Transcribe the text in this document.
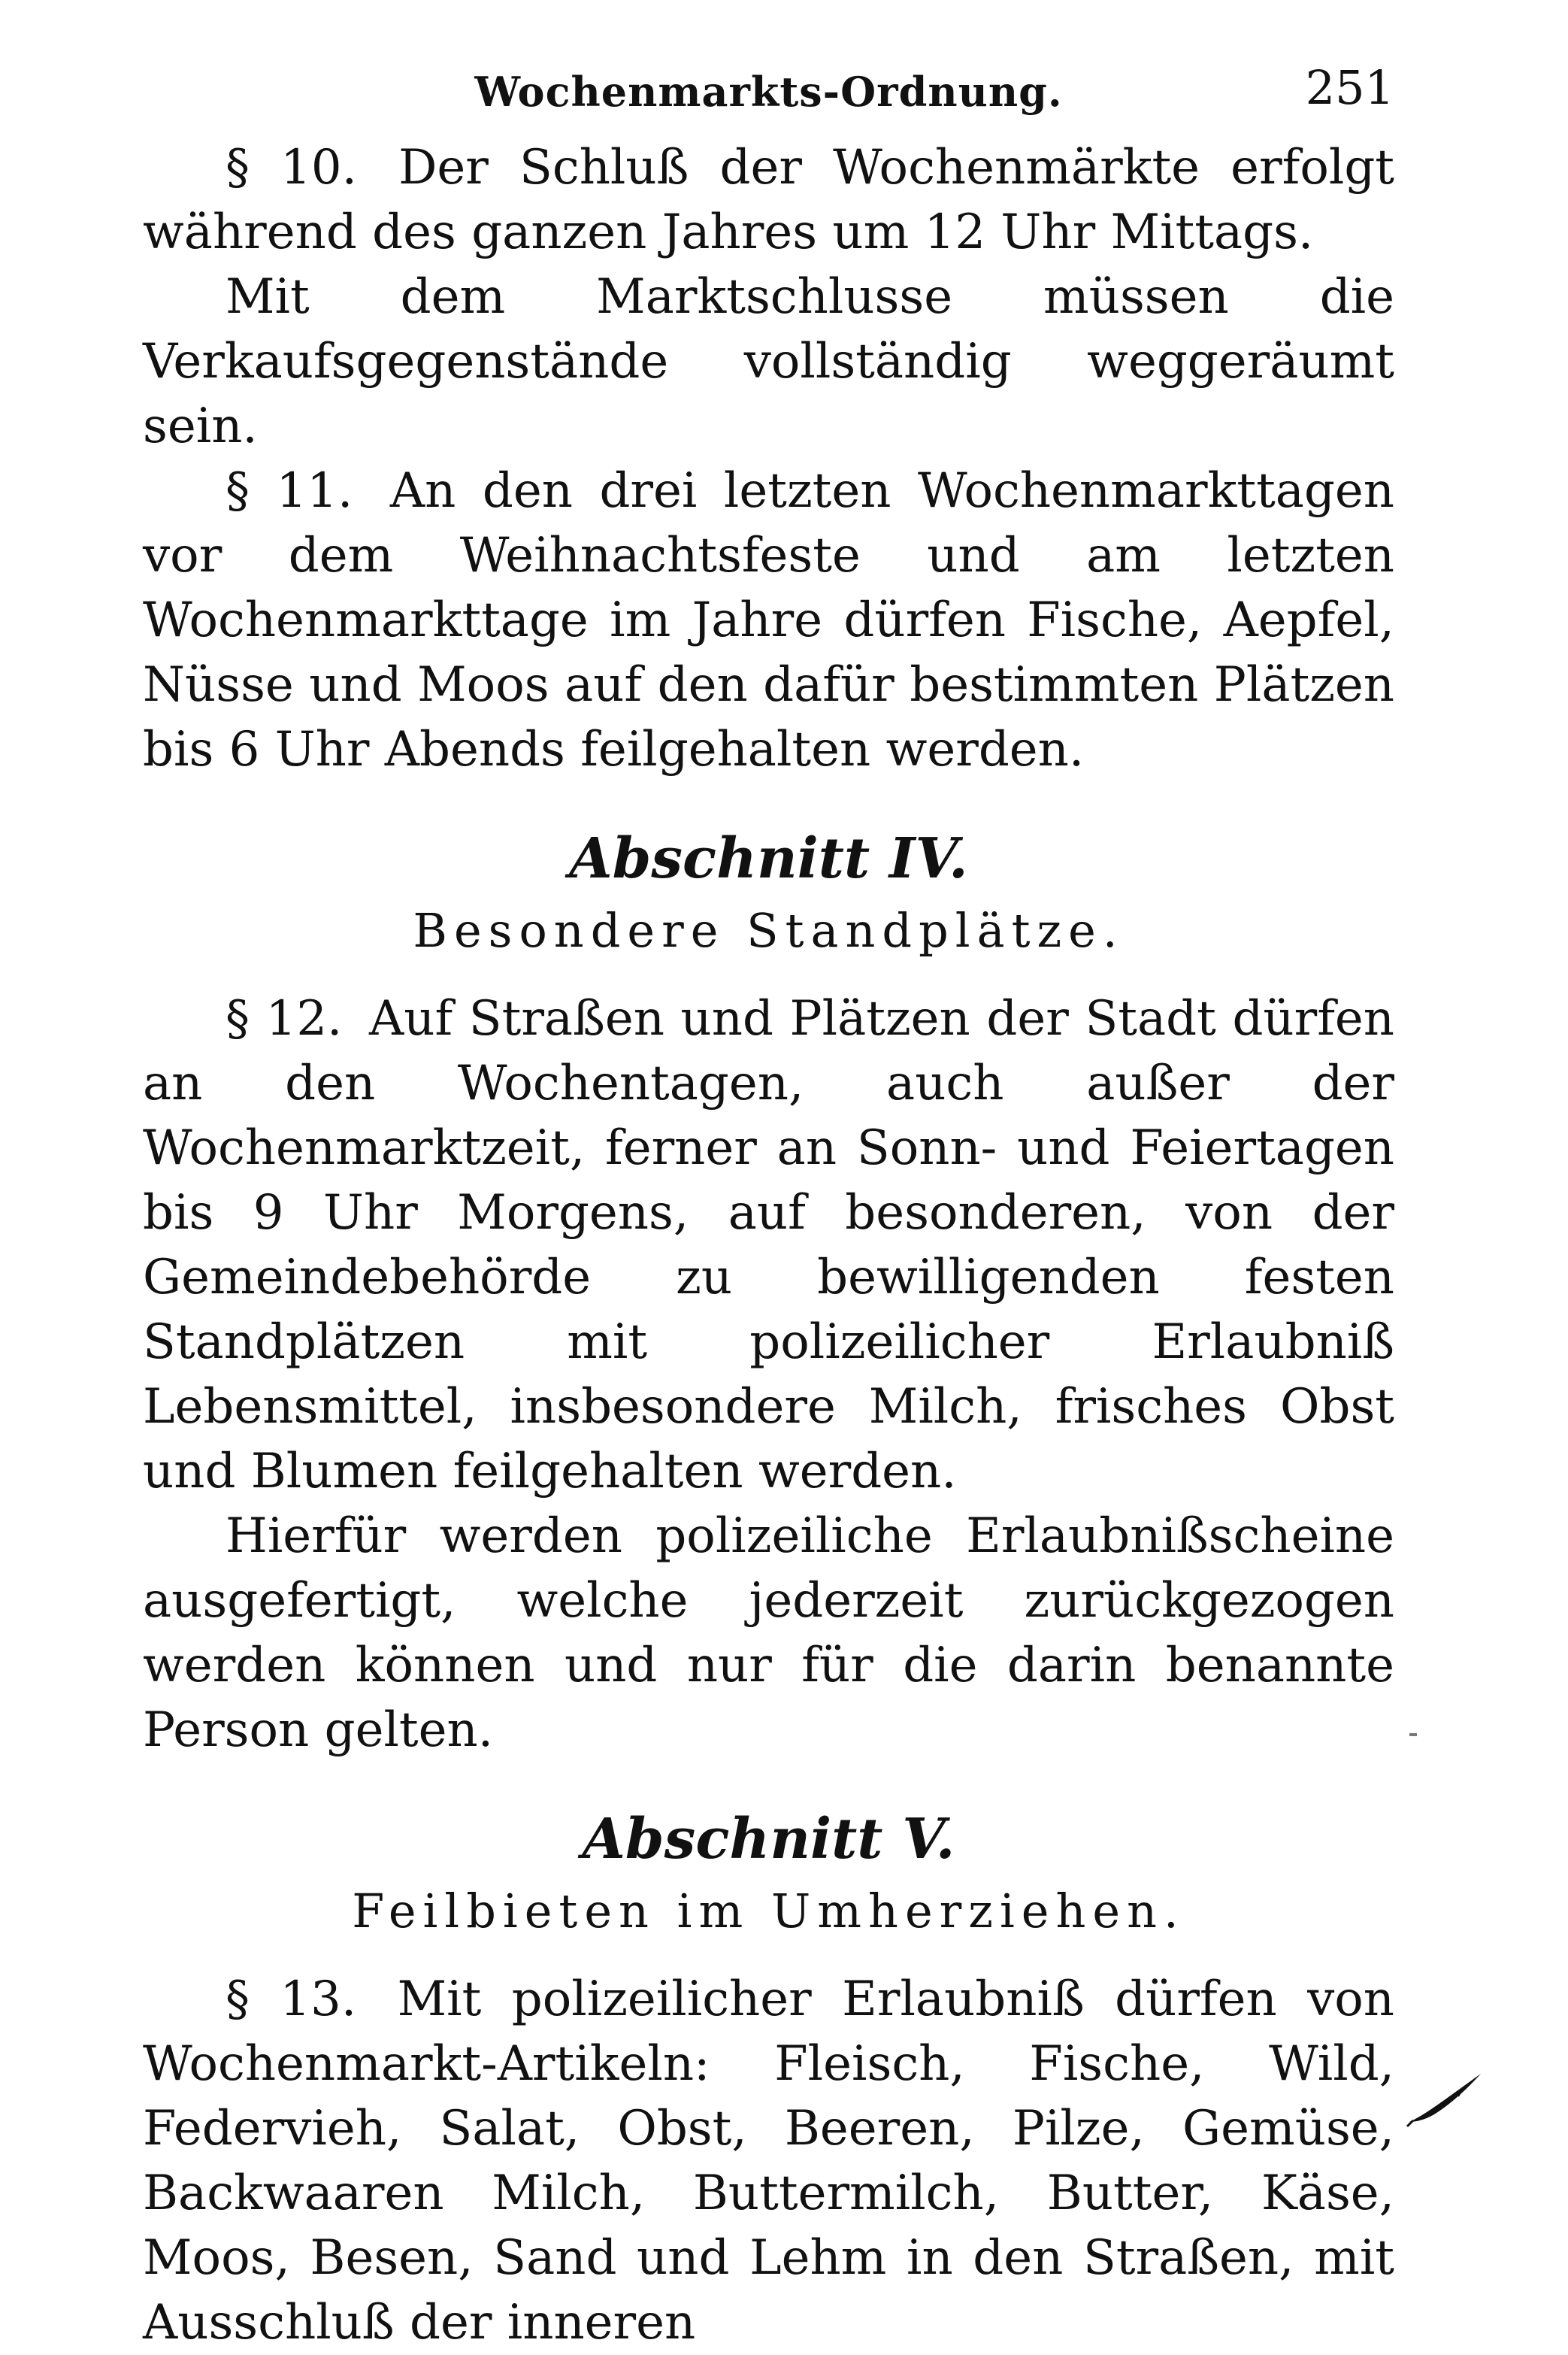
Wochenmarkts-Ordnung.	251

§ 10. Der Schluß der Wochenmärkte erfolgt während des ganzen Jahres um 12 Uhr Mittags.

Mit dem Marktschlusse müssen die Verkaufsgegenstände vollständig weggeräumt sein.

§ 11. An den drei letzten Wochenmarkttagen vor dem Weihnachtsfeste und am letzten Wochenmarkttage im Jahre dürfen Fische, Aepfel, Nüsse und Moos auf den dafür bestimmten Plätzen bis 6 Uhr Abends feilgehalten werden.

Abschnitt IV.
Besondere Standplätze.

§ 12. Auf Straßen und Plätzen der Stadt dürfen an den Wochentagen, auch außer der Wochenmarktzeit, ferner an Sonn- und Feiertagen bis 9 Uhr Morgens, auf besonderen, von der Gemeindebehörde zu bewilligenden festen Standplätzen mit polizeilicher Erlaubniß Lebensmittel, insbesondere Milch, frisches Obst und Blumen feilgehalten werden.

Hierfür werden polizeiliche Erlaubnißscheine ausgefertigt, welche jederzeit zurückgezogen werden können und nur für die darin benannte Person gelten.

Abschnitt V.
Feilbieten im Umherziehen.

§ 13. Mit polizeilicher Erlaubniß dürfen von Wochenmarkt-Artikeln: Fleisch, Fische, Wild, Federvieh, Salat, Obst, Beeren, Pilze, Gemüse, Backwaaren Milch, Buttermilch, Butter, Käse, Moos, Besen, Sand und Lehm in den Straßen, mit Ausschluß der inneren
